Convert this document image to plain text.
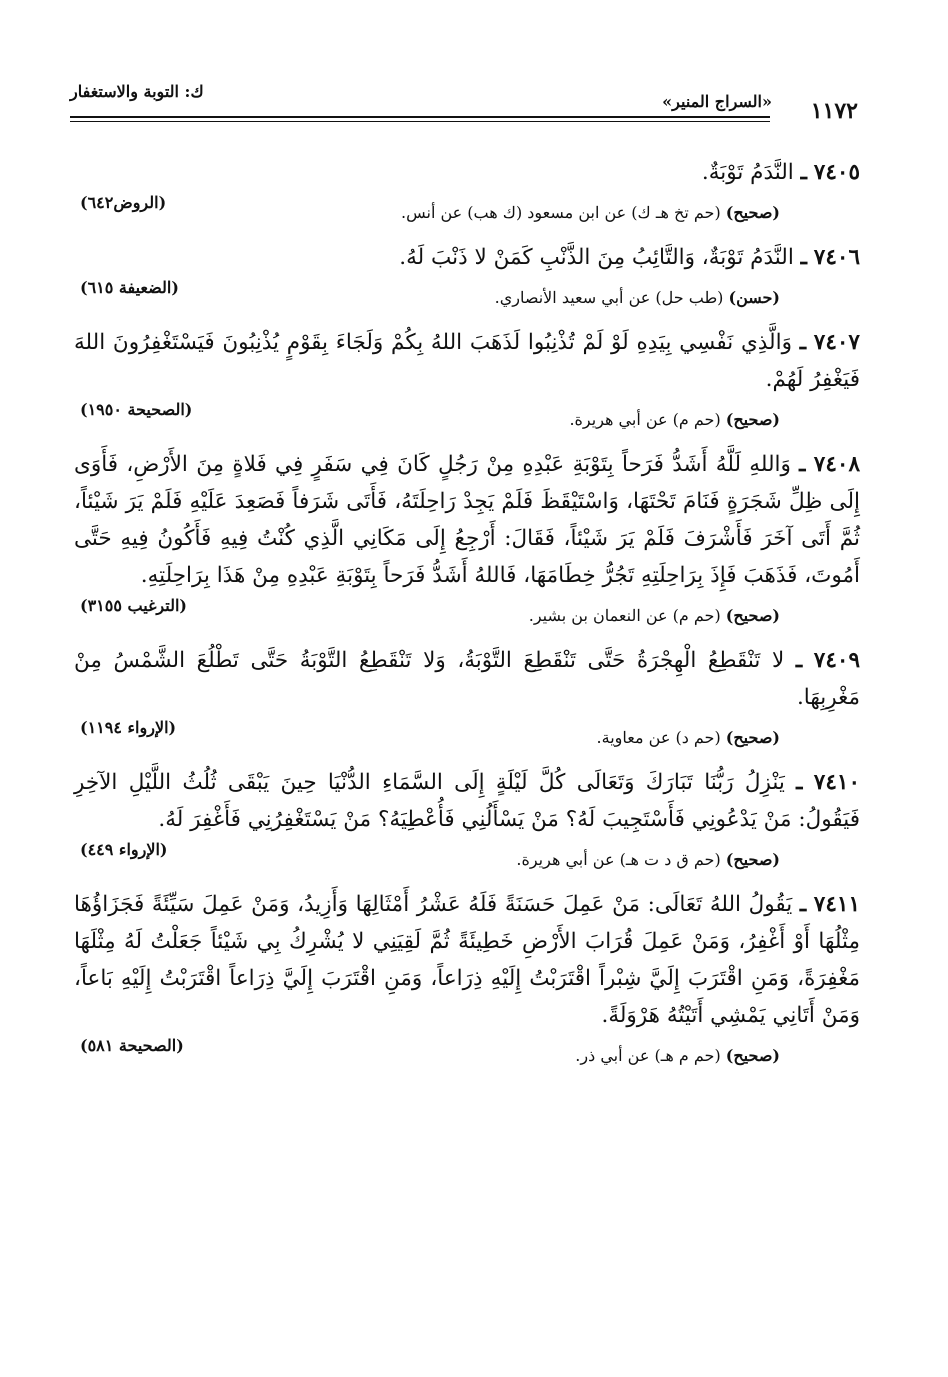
١١٧٢
«السراج المنير»
ك: التوبة والاستغفار
٧٤٠٥ ـ النَّدَمُ تَوْبَةٌ.
(صحيح) (حم تخ هـ ك) عن ابن مسعود (ك هب) عن أنس.
(الروض٦٤٢)
٧٤٠٦ ـ النَّدَمُ تَوْبَةٌ، وَالتَّائِبُ مِنَ الذَّنْبِ كَمَنْ لا ذَنْبَ لَهُ.
(حسن) (طب حل) عن أبي سعيد الأنصاري.
(الضعيفة ٦١٥)
٧٤٠٧ ـ وَالَّذِي نَفْسِي بِيَدِهِ لَوْ لَمْ تُذْنِبُوا لَذَهَبَ اللهُ بِكُمْ وَلَجَاءَ بِقَوْمٍ يُذْنِبُونَ فَيَسْتَغْفِرُونَ اللهَ فَيَغْفِرُ لَهُمْ.
(صحيح) (حم م) عن أبي هريرة.
(الصحيحة ١٩٥٠)
٧٤٠٨ ـ وَاللهِ لَلَّهُ أَشَدُّ فَرَحاً بِتَوْبَةِ عَبْدِهِ مِنْ رَجُلٍ كَانَ فِي سَفَرٍ فِي فَلاةٍ مِنَ الأَرْضِ، فَأَوَى إِلَى ظِلِّ شَجَرَةٍ فَنَامَ تَحْتَهَا، وَاسْتَيْقَظَ فَلَمْ يَجِدْ رَاحِلَتَهُ، فَأَتَى شَرَفاً فَصَعِدَ عَلَيْهِ فَلَمْ يَرَ شَيْئاً، ثُمَّ أَتَى آخَرَ فَأَشْرَفَ فَلَمْ يَرَ شَيْئاً، فَقَالَ: أَرْجِعُ إِلَى مَكَانِي الَّذِي كُنْتُ فِيهِ فَأَكُونُ فِيهِ حَتَّى أَمُوتَ، فَذَهَبَ فَإِذَ بِرَاحِلَتِهِ تَجُرُّ خِطَامَهَا، فَاللهُ أَشَدُّ فَرَحاً بِتَوْبَةِ عَبْدِهِ مِنْ هَذَا بِرَاحِلَتِهِ.
(صحيح) (حم م) عن النعمان بن بشير.
(الترغيب ٣١٥٥)
٧٤٠٩ ـ لا تَنْقَطِعُ الْهِجْرَةُ حَتَّى تَنْقَطِعَ التَّوْبَةُ، وَلا تَنْقَطِعُ التَّوْبَةُ حَتَّى تَطْلُعَ الشَّمْسُ مِنْ مَغْرِبِهَا.
(صحيح) (حم د) عن معاوية.
(الإرواء ١١٩٤)
٧٤١٠ ـ يَنْزِلُ رَبُّنَا تَبَارَكَ وَتَعَالَى كُلَّ لَيْلَةٍ إِلَى السَّمَاءِ الدُّنْيَا حِينَ يَبْقَى ثُلُثُ اللَّيْلِ الآخِرِ فَيَقُولُ: مَنْ يَدْعُونِي فَأَسْتَجِيبَ لَهُ؟ مَنْ يَسْأَلُنِي فَأُعْطِيَهُ؟ مَنْ يَسْتَغْفِرُنِي فَأَغْفِرَ لَهُ.
(صحيح) (حم ق د ت هـ) عن أبي هريرة.
(الإرواء ٤٤٩)
٧٤١١ ـ يَقُولُ اللهُ تَعَالَى: مَنْ عَمِلَ حَسَنَةً فَلَهُ عَشْرُ أَمْثَالِهَا وَأَزِيدُ، وَمَنْ عَمِلَ سَيِّئَةً فَجَزَاؤُهَا مِثْلُهَا أَوْ أَغْفِرُ، وَمَنْ عَمِلَ قُرَابَ الأَرْضِ خَطِيئَةً ثُمَّ لَقِيَنِي لا يُشْرِكُ بِي شَيْئاً جَعَلْتُ لَهُ مِثْلَهَا مَغْفِرَةً، وَمَنِ اقْتَرَبَ إِلَيَّ شِبْراً اقْتَرَبْتُ إِلَيْهِ ذِرَاعاً، وَمَنِ اقْتَرَبَ إِلَيَّ ذِرَاعاً اقْتَرَبْتُ إِلَيْهِ بَاعاً، وَمَنْ أَتَانِي يَمْشِي أَتَيْتُهُ هَرْوَلَةً.
(صحيح) (حم م هـ) عن أبي ذر.
(الصحيحة ٥٨١)
